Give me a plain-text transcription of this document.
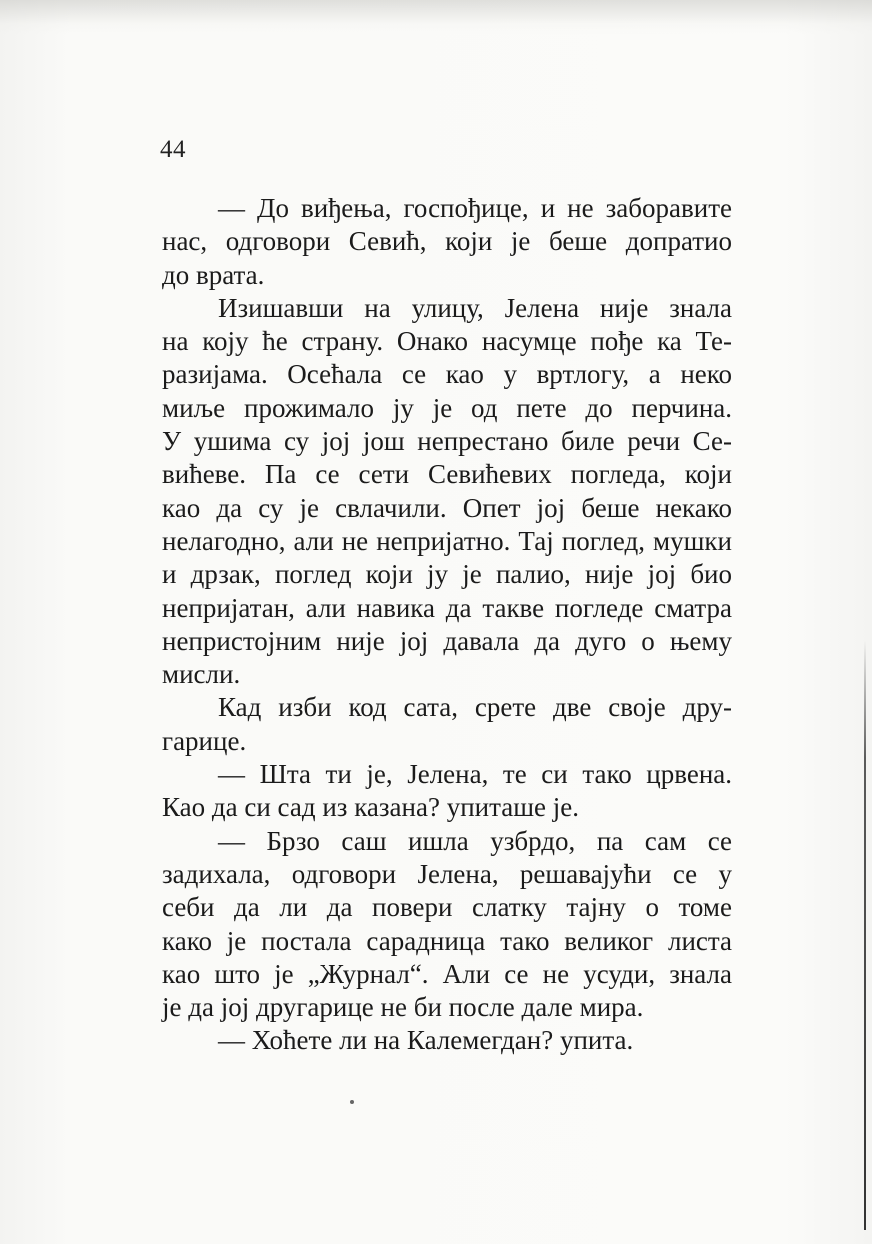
44
— До виђења, госпођице, и не заборавите
нас, одговори Севић, који је беше допратио
до врата.
Изишавши на улицу, Јелена није знала
на коју ће страну. Онако насумце пође ка Те-
разијама. Осећала се као у вртлогу, а неко
миље прожимало ју је од пете до перчина.
У ушима су јој још непрестано биле речи Се-
вићеве. Па се сети Севићевих погледа, који
као да су је свлачили. Опет јој беше некако
нелагодно, али не непријатно. Тај поглед, мушки
и дрзак, поглед који ју је палио, није јој био
непријатан, али навика да такве погледе сматра
непристојним није јој давала да дуго о њему
мисли.
Кад изби код сата, срете две своје дру-
гарице.
— Шта ти је, Јелена, те си тако црвена.
Као да си сад из казана? упиташе је.
— Брзо саш ишла узбрдо, па сам се
задихала, одговори Јелена, решавајући се у
себи да ли да повери слатку тајну о томе
како је постала сарадница тако великог листа
као што је „Журнал“. Али се не усуди, знала
је да јој другарице не би после дале мира.
— Хоћете ли на Калемегдан? упита.
